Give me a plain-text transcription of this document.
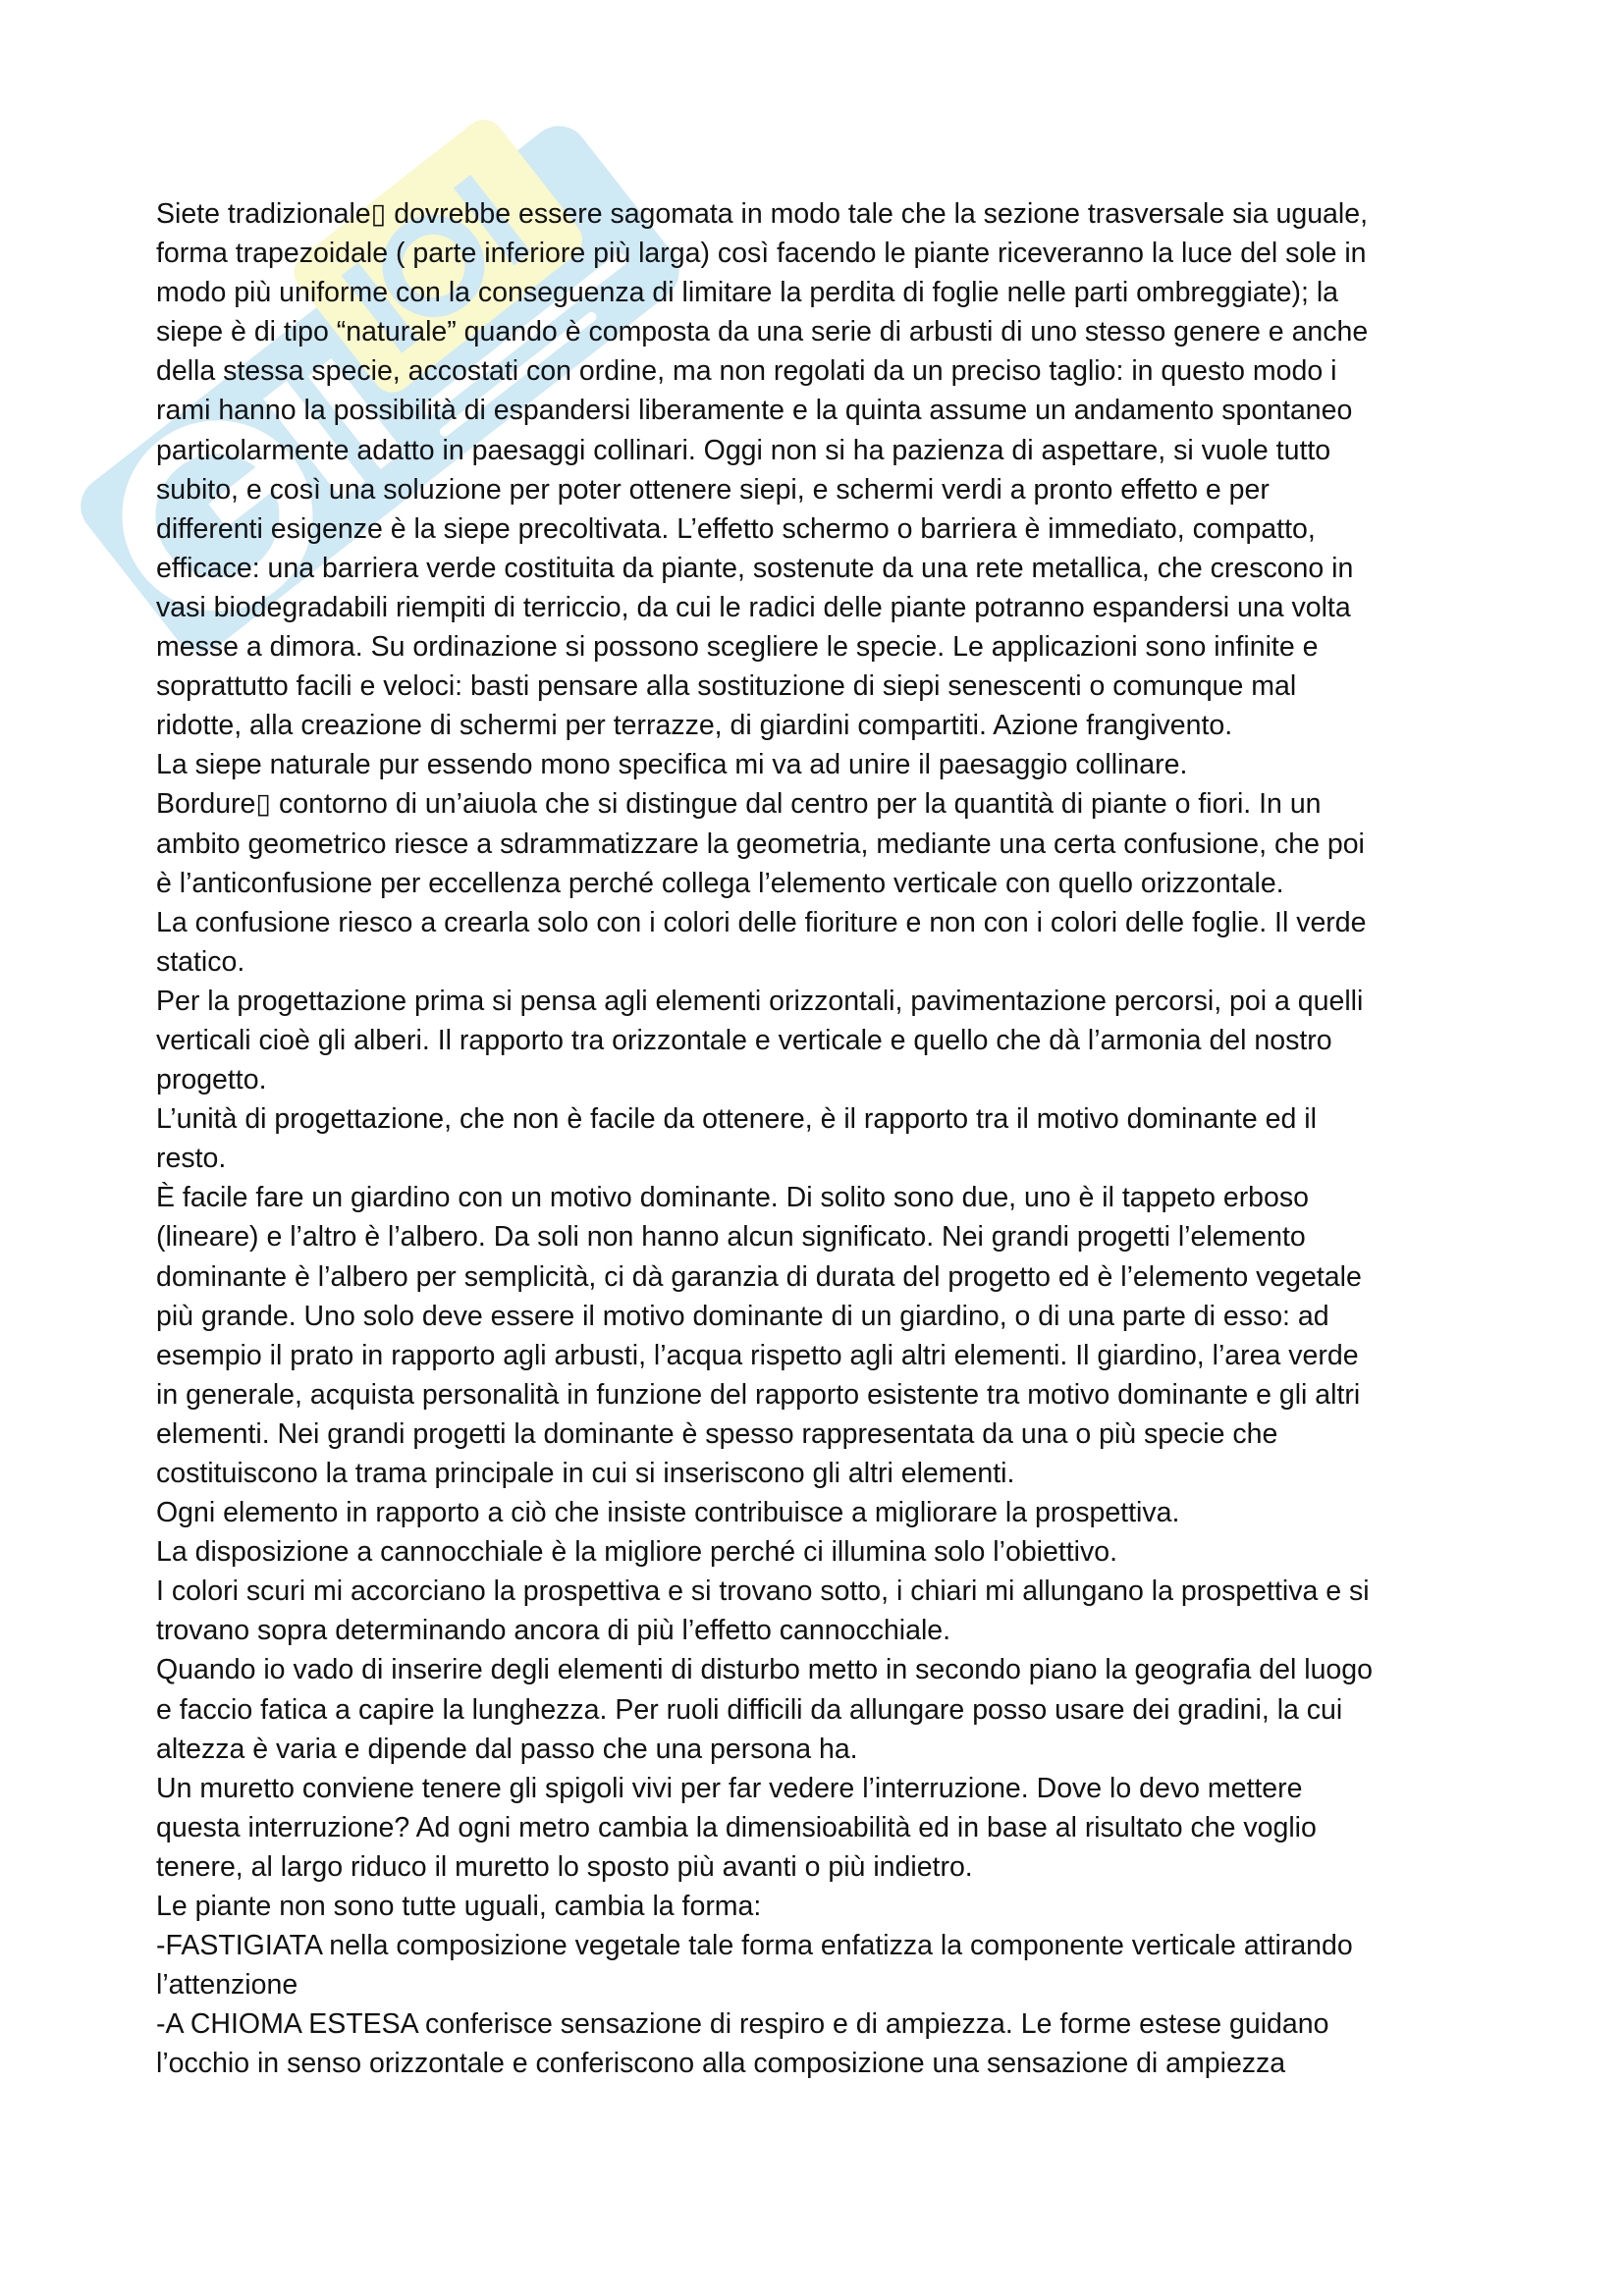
Siete tradizionale▯ dovrebbe essere sagomata in modo tale che la sezione trasversale sia uguale,
forma trapezoidale ( parte inferiore più larga) così facendo le piante riceveranno la luce del sole in
modo più uniforme con la conseguenza di limitare la perdita di foglie nelle parti ombreggiate); la
siepe è di tipo “naturale” quando è composta da una serie di arbusti di uno stesso genere e anche
della stessa specie, accostati con ordine, ma non regolati da un preciso taglio: in questo modo i
rami hanno la possibilità di espandersi liberamente e la quinta assume un andamento spontaneo
particolarmente adatto in paesaggi collinari. Oggi non si ha pazienza di aspettare, si vuole tutto
subito, e così una soluzione per poter ottenere siepi, e schermi verdi a pronto effetto e per
differenti esigenze è la siepe precoltivata. L’effetto schermo o barriera è immediato, compatto,
efficace: una barriera verde costituita da piante, sostenute da una rete metallica, che crescono in
vasi biodegradabili riempiti di terriccio, da cui le radici delle piante potranno espandersi una volta
messe a dimora. Su ordinazione si possono scegliere le specie. Le applicazioni sono infinite e
soprattutto facili e veloci: basti pensare alla sostituzione di siepi senescenti o comunque mal
ridotte, alla creazione di schermi per terrazze, di giardini compartiti. Azione frangivento.
La siepe naturale pur essendo mono specifica mi va ad unire il paesaggio collinare.
Bordure▯ contorno di un’aiuola che si distingue dal centro per la quantità di piante o fiori. In un
ambito geometrico riesce a sdrammatizzare la geometria, mediante una certa confusione, che poi
è l’anticonfusione per eccellenza perché collega l’elemento verticale con quello orizzontale.
La confusione riesco a crearla solo con i colori delle fioriture e non con i colori delle foglie. Il verde
statico.
Per la progettazione prima si pensa agli elementi orizzontali, pavimentazione percorsi, poi a quelli
verticali cioè gli alberi. Il rapporto tra orizzontale e verticale e quello che dà l’armonia del nostro
progetto.
L’unità di progettazione, che non è facile da ottenere, è il rapporto tra il motivo dominante ed il
resto.
È facile fare un giardino con un motivo dominante. Di solito sono due, uno è il tappeto erboso
(lineare) e l’altro è l’albero. Da soli non hanno alcun significato. Nei grandi progetti l’elemento
dominante è l’albero per semplicità, ci dà garanzia di durata del progetto ed è l’elemento vegetale
più grande. Uno solo deve essere il motivo dominante di un giardino, o di una parte di esso: ad
esempio il prato in rapporto agli arbusti, l’acqua rispetto agli altri elementi. Il giardino, l’area verde
in generale, acquista personalità in funzione del rapporto esistente tra motivo dominante e gli altri
elementi. Nei grandi progetti la dominante è spesso rappresentata da una o più specie che
costituiscono la trama principale in cui si inseriscono gli altri elementi.
Ogni elemento in rapporto a ciò che insiste contribuisce a migliorare la prospettiva.
La disposizione a cannocchiale è la migliore perché ci illumina solo l’obiettivo.
I colori scuri mi accorciano la prospettiva e si trovano sotto, i chiari mi allungano la prospettiva e si
trovano sopra determinando ancora di più l’effetto cannocchiale.
Quando io vado di inserire degli elementi di disturbo metto in secondo piano la geografia del luogo
e faccio fatica a capire la lunghezza. Per ruoli difficili da allungare posso usare dei gradini, la cui
altezza è varia e dipende dal passo che una persona ha.
Un muretto conviene tenere gli spigoli vivi per far vedere l’interruzione. Dove lo devo mettere
questa interruzione? Ad ogni metro cambia la dimensioabilità ed in base al risultato che voglio
tenere, al largo riduco il muretto lo sposto più avanti o più indietro.
Le piante non sono tutte uguali, cambia la forma:
-FASTIGIATA nella composizione vegetale tale forma enfatizza la componente verticale attirando
l’attenzione
-A CHIOMA ESTESA conferisce sensazione di respiro e di ampiezza. Le forme estese guidano
l’occhio in senso orizzontale e conferiscono alla composizione una sensazione di ampiezza
